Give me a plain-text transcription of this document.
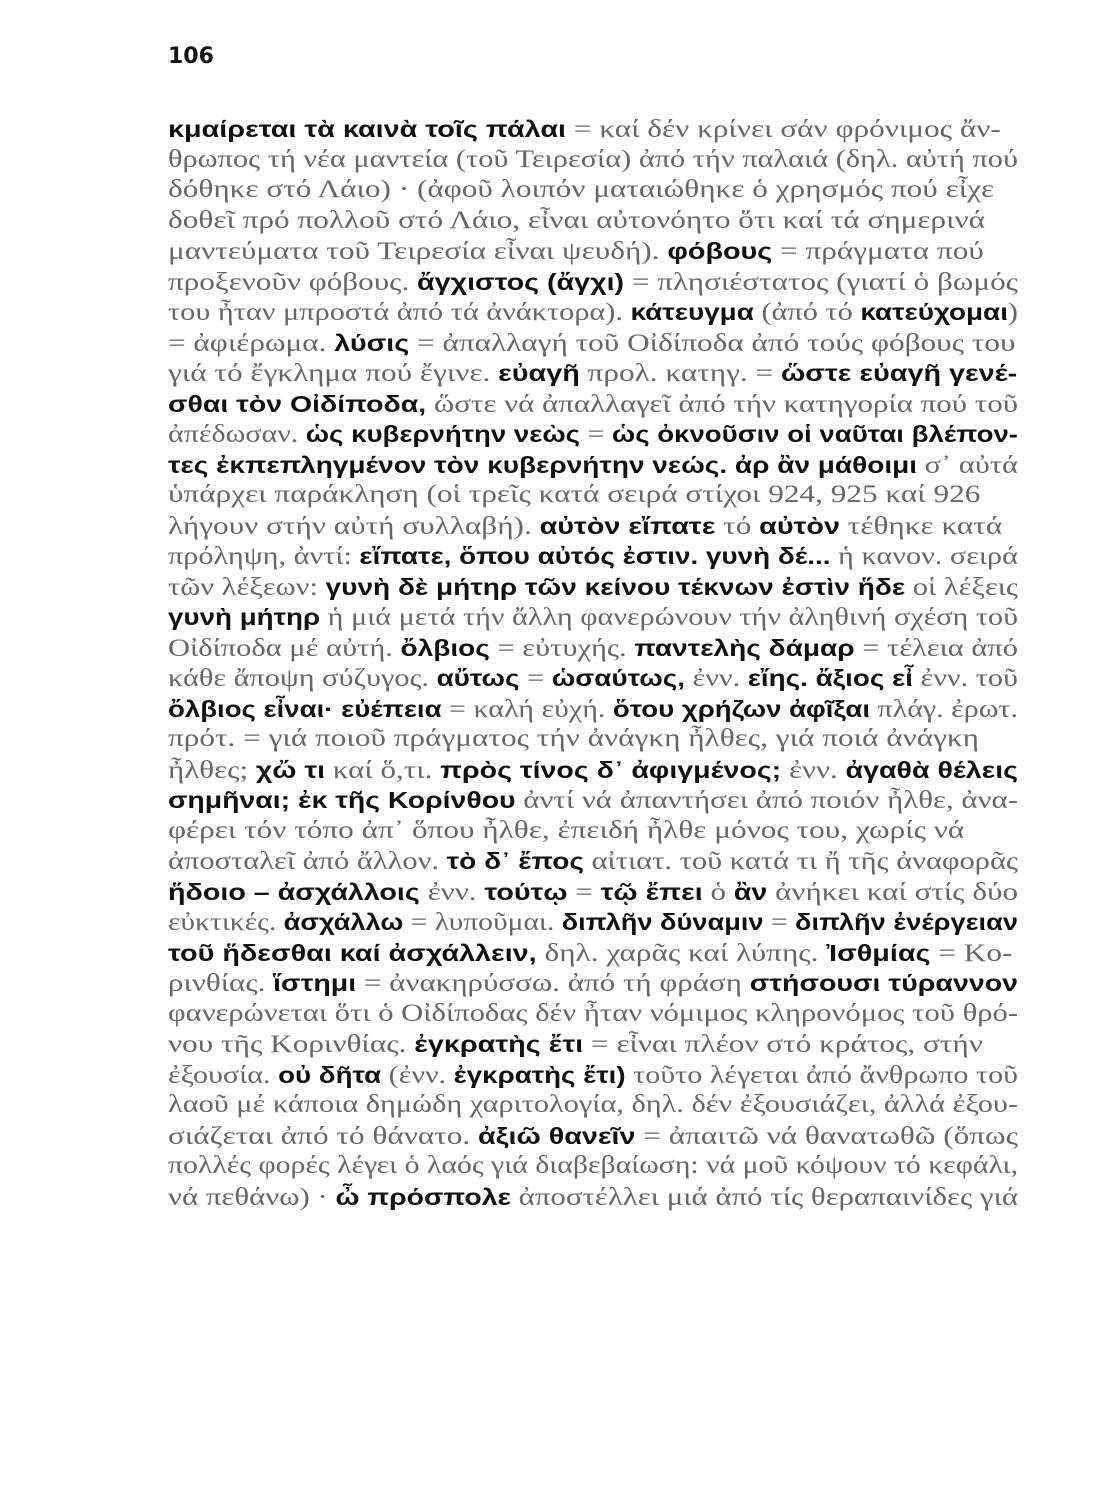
106
κμαίρεται τὰ καινὰ τοῖς πάλαι = καί δέν κρίνει σάν φρόνιμος ἄν-
θρωπος τή νέα μαντεία (τοῦ Τειρεσία) ἀπό τήν παλαιά (δηλ. αὐτή πού
δόθηκε στό Λάιο) · (ἀφοῦ λοιπόν ματαιώθηκε ὁ χρησμός πού εἶχε
δοθεῖ πρό πολλοῦ στό Λάιο, εἶναι αὐτονόητο ὅτι καί τά σημερινά
μαντεύματα τοῦ Τειρεσία εἶναι ψευδή). φόβους = πράγματα πού
προξενοῦν φόβους. ἄγχιστος (ἄγχι) = πλησιέστατος (γιατί ὁ βωμός
του ἦταν μπροστά ἀπό τά ἀνάκτορα). κάτευγμα (ἀπό τό κατεύχομαι)
= ἀφιέρωμα. λύσις = ἀπαλλαγή τοῦ Οἰδίποδα ἀπό τούς φόβους του
γιά τό ἔγκλημα πού ἔγινε. εὐαγῆ προλ. κατηγ. = ὥστε εὐαγῆ γενέ-
σθαι τὸν Οἰδίποδα, ὥστε νά ἀπαλλαγεῖ ἀπό τήν κατηγορία πού τοῦ
ἀπέδωσαν. ὡς κυβερνήτην νεὼς = ὡς ὀκνοῦσιν οἱ ναῦται βλέπον-
τες ἐκπεπληγμένον τὸν κυβερνήτην νεώς. ἀρ ἂν μάθοιμι σ᾽ αὐτά
ὑπάρχει παράκληση (οἱ τρεῖς κατά σειρά στίχοι 924, 925 καί 926
λήγουν στήν αὐτή συλλαβή). αὐτὸν εἴπατε τό αὐτὸν τέθηκε κατά
πρόληψη, ἀντί: εἴπατε, ὅπου αὐτός ἐστιν. γυνὴ δέ... ἡ κανον. σειρά
τῶν λέξεων: γυνὴ δὲ μήτηρ τῶν κείνου τέκνων ἐστὶν ἥδε οἱ λέξεις
γυνὴ μήτηρ ἡ μιά μετά τήν ἄλλη φανερώνουν τήν ἀληθινή σχέση τοῦ
Οἰδίποδα μέ αὐτή. ὄλβιος = εὐτυχής. παντελὴς δάμαρ = τέλεια ἀπό
κάθε ἄποψη σύζυγος. αὔτως = ὡσαύτως, ἐνν. εἴης. ἄξιος εἶ ἐνν. τοῦ
ὄλβιος εἶναι· εὐέπεια = καλή εὐχή. ὅτου χρήζων ἀφῖξαι πλάγ. ἐρωτ.
πρότ. = γιά ποιοῦ πράγματος τήν ἀνάγκη ἦλθες, γιά ποιά ἀνάγκη
ἦλθες; χὤ τι καί ὅ,τι. πρὸς τίνος δ᾽ ἀφιγμένος; ἐνν. ἀγαθὰ θέλεις
σημῆναι; ἐκ τῆς Κορίνθου ἀντί νά ἀπαντήσει ἀπό ποιόν ἦλθε, ἀνα-
φέρει τόν τόπο ἀπ᾽ ὅπου ἦλθε, ἐπειδή ἦλθε μόνος του, χωρίς νά
ἀποσταλεῖ ἀπό ἄλλον. τὸ δ᾽ ἔπος αἰτιατ. τοῦ κατά τι ἤ τῆς ἀναφορᾶς
ἥδοιο – ἀσχάλλοις ἐνν. τούτῳ = τῷ ἔπει ὁ ἂν ἀνήκει καί στίς δύο
εὐκτικές. ἀσχάλλω = λυποῦμαι. διπλῆν δύναμιν = διπλῆν ἐνέργειαν
τοῦ ἥδεσθαι καί ἀσχάλλειν, δηλ. χαρᾶς καί λύπης. Ἰσθμίας = Κο-
ρινθίας. ἵστημι = ἀνακηρύσσω. ἀπό τή φράση στήσουσι τύραννον
φανερώνεται ὅτι ὁ Οἰδίποδας δέν ἦταν νόμιμος κληρονόμος τοῦ θρό-
νου τῆς Κορινθίας. ἐγκρατὴς ἔτι = εἶναι πλέον στό κράτος, στήν
ἐξουσία. οὐ δῆτα (ἐνν. ἐγκρατὴς ἔτι) τοῦτο λέγεται ἀπό ἄνθρωπο τοῦ
λαοῦ μέ κάποια δημώδη χαριτολογία, δηλ. δέν ἐξουσιάζει, ἀλλά ἐξου-
σιάζεται ἀπό τό θάνατο. ἀξιῶ θανεῖν = ἀπαιτῶ νά θανατωθῶ (ὅπως
πολλές φορές λέγει ὁ λαός γιά διαβεβαίωση: νά μοῦ κόψουν τό κεφάλι,
νά πεθάνω) · ὦ πρόσπολε ἀποστέλλει μιά ἀπό τίς θεραπαινίδες γιά
